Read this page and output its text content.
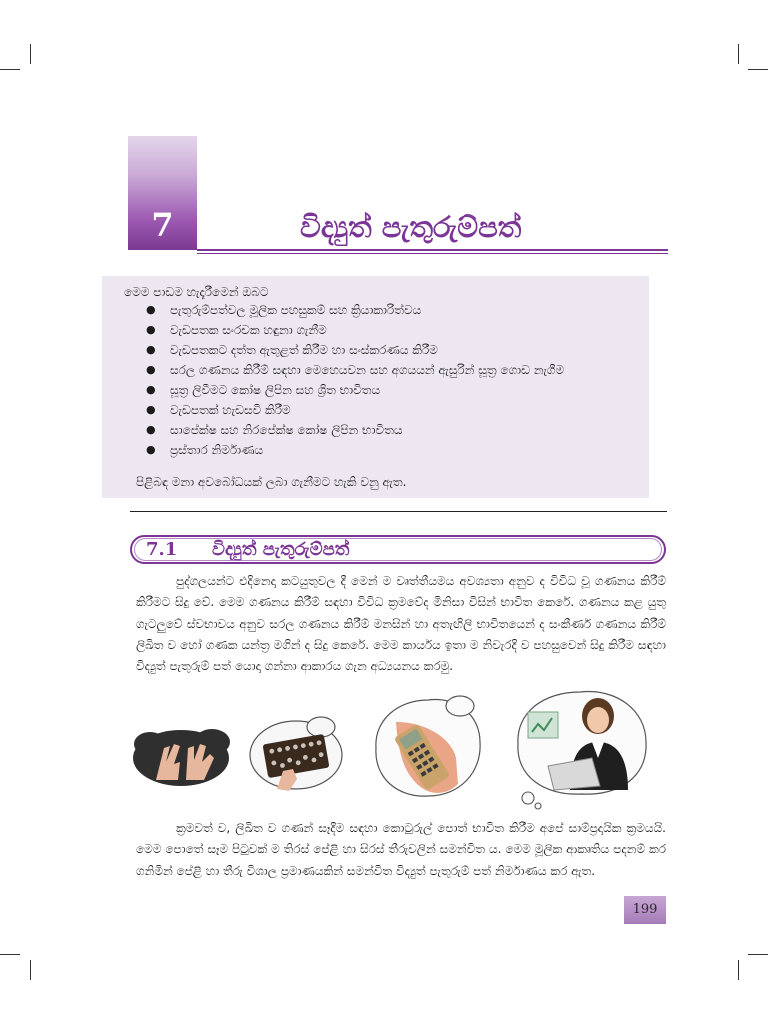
7	විද්‍යුත් පැතුරුම්පත්
මෙම පාඩම හැදෑරීමෙන් ඔබට
● පැතුරුම්පත්වල මූලික පහසුකම් සහ ක්‍රියාකාරිත්වය
● වැඩපතක සංරචක හඳුනා ගැනීම
● වැඩපතකට දත්ත ඇතුළත් කිරීම හා සංස්කරණය කිරීම
● සරල ගණනය කිරීම් සඳහා මෙහෙයවන සහ අගයයන් ඇසුරින් සූත්‍ර ගොඩ නැගීම
● සූත්‍ර ලිවීමට කෝෂ ලිපින සහ ශ්‍රිත භාවිතය
● වැඩපතක් හැඩසවි කිරීම
● සාපේක්ෂ සහ නිරපේක්ෂ කෝෂ ලිපින භාවිතය
● ප්‍රස්තාර නිර්මාණය
පිළිබඳ මනා අවබෝධයක් ලබා ගැනීමට හැකි වනු ඇත.
7.1 විද්‍යුත් පැතුරුම්පත්

පුද්ගලයන්ට එදිනෙදා කටයුතුවල දී මෙන් ම වෘත්තීයමය අවශ්‍යතා අනුව ද විවිධ වූ ගණනය කිරීම් කිරීමට සිදු වේ. මෙම ගණනය කිරීම් සඳහා විවිධ ක්‍රමවේද මිනිසා විසින් භාවිත කෙරේ. ගණනය කළ යුතු ගැටලුවේ ස්වභාවය අනුව සරල ගණනය කිරීම් මනසින් හා අතැඟිලි භාවිතයෙන් ද සංකීර්ණ ගණනය කිරීම් ලිඛිත ව හෝ ගණක යන්ත්‍ර මගින් ද සිදු කෙරේ. මෙම කාර්යය ඉතා ම නිවැරදි ව පහසුවෙන් සිදු කිරීම සඳහා විද්‍යුත් පැතුරුම් පත් යොදා ගන්නා ආකාරය ගැන අධ්‍යයනය කරමු.

ක්‍රමවත් ව, ලිඛිත ව ගණන් සෑදීම සඳහා කොටුරුල් පොත් භාවිත කිරීම අපේ සාම්ප්‍රදායික ක්‍රමයයි. මෙම පොතේ සෑම පිටුවක් ම තිරස් පේළි හා සිරස් තීරුවලින් සමන්විත ය. මෙම මූලික ආකෘතිය පදනම් කර ගනිමින් පේළි හා තීරු විශාල ප්‍රමාණයකින් සමන්විත විද්‍යුත් පැතුරුම් පත් නිර්මාණය කර ඇත.

199
